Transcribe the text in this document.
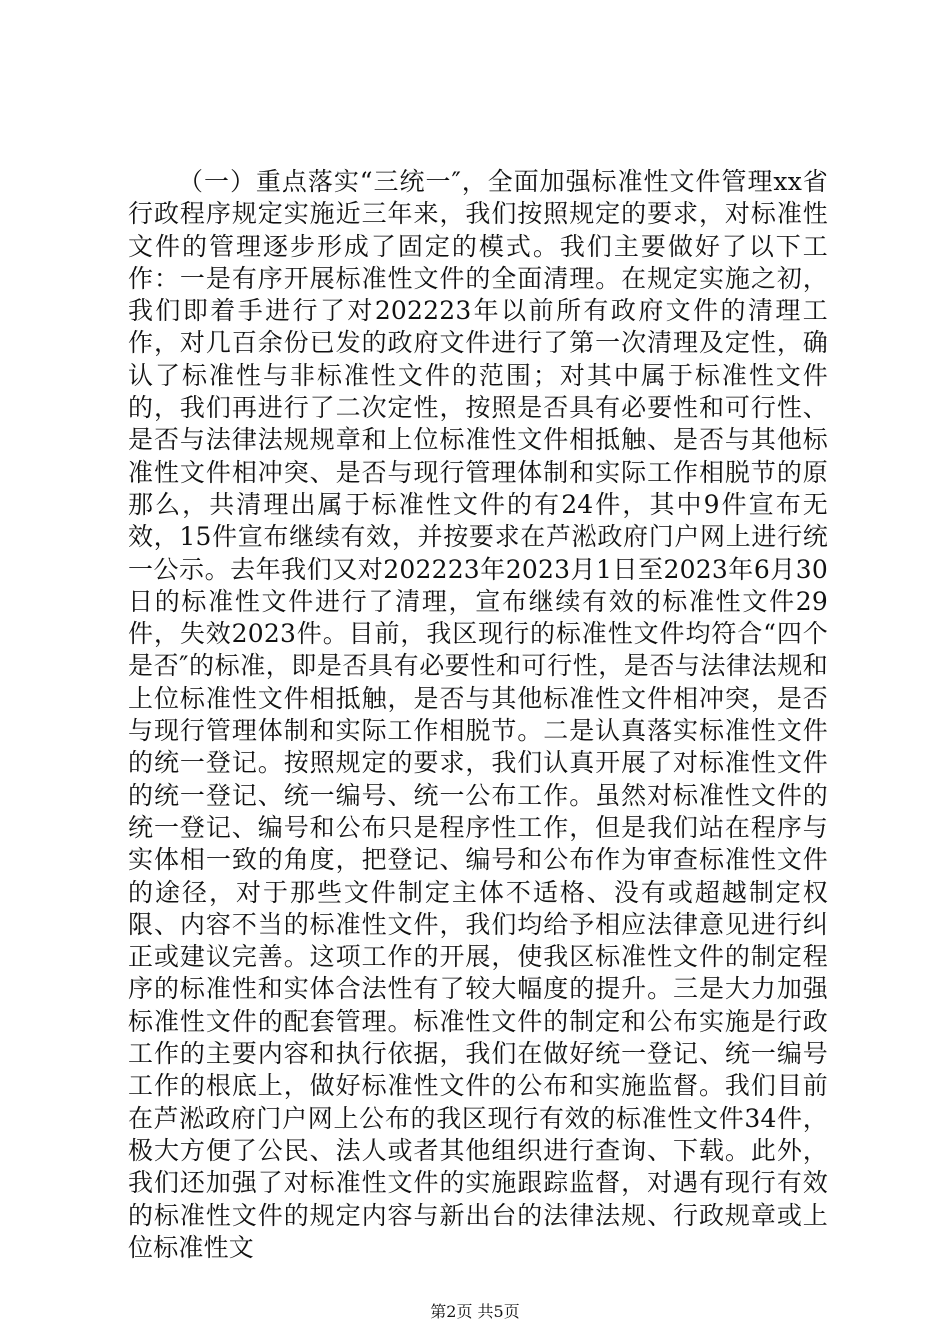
（一）重点落实“三统一″，全面加强标准性文件管理xx省行政程序规定实施近三年来，我们按照规定的要求，对标准性文件的管理逐步形成了固定的模式。我们主要做好了以下工作：一是有序开展标准性文件的全面清理。在规定实施之初，我们即着手进行了对202223年以前所有政府文件的清理工作，对几百余份已发的政府文件进行了第一次清理及定性，确认了标准性与非标准性文件的范围；对其中属于标准性文件的，我们再进行了二次定性，按照是否具有必要性和可行性、是否与法律法规规章和上位标准性文件相抵触、是否与其他标准性文件相冲突、是否与现行管理体制和实际工作相脱节的原那么，共清理出属于标准性文件的有24件，其中9件宣布无效，15件宣布继续有效，并按要求在芦淞政府门户网上进行统一公示。去年我们又对202223年2023月1日至2023年6月30日的标准性文件进行了清理，宣布继续有效的标准性文件29件，失效2023件。目前，我区现行的标准性文件均符合“四个是否″的标准，即是否具有必要性和可行性，是否与法律法规和上位标准性文件相抵触，是否与其他标准性文件相冲突，是否与现行管理体制和实际工作相脱节。二是认真落实标准性文件的统一登记。按照规定的要求，我们认真开展了对标准性文件的统一登记、统一编号、统一公布工作。虽然对标准性文件的统一登记、编号和公布只是程序性工作，但是我们站在程序与实体相一致的角度，把登记、编号和公布作为审查标准性文件的途径，对于那些文件制定主体不适格、没有或超越制定权限、内容不当的标准性文件，我们均给予相应法律意见进行纠正或建议完善。这项工作的开展，使我区标准性文件的制定程序的标准性和实体合法性有了较大幅度的提升。三是大力加强标准性文件的配套管理。标准性文件的制定和公布实施是行政工作的主要内容和执行依据，我们在做好统一登记、统一编号工作的根底上，做好标准性文件的公布和实施监督。我们目前在芦淞政府门户网上公布的我区现行有效的标准性文件34件，极大方便了公民、法人或者其他组织进行查询、下载。此外，我们还加强了对标准性文件的实施跟踪监督，对遇有现行有效的标准性文件的规定内容与新出台的法律法规、行政规章或上位标准性文

第2页 共5页
